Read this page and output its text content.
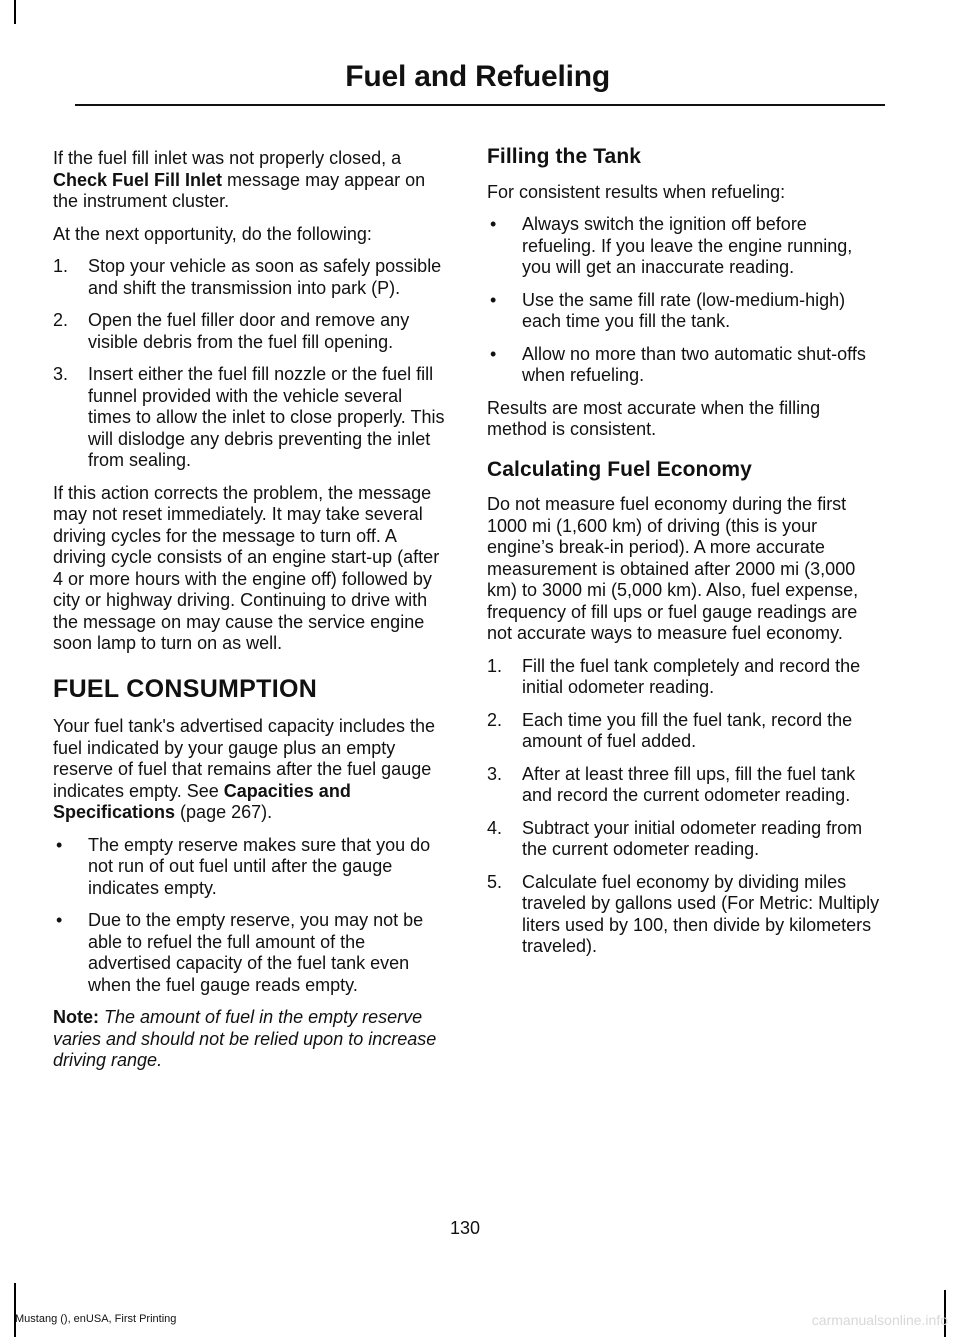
Fuel and Refueling

If the fuel fill inlet was not properly closed, a Check Fuel Fill Inlet message may appear on the instrument cluster.

At the next opportunity, do the following:

1. Stop your vehicle as soon as safely possible and shift the transmission into park (P).
2. Open the fuel filler door and remove any visible debris from the fuel fill opening.
3. Insert either the fuel fill nozzle or the fuel fill funnel provided with the vehicle several times to allow the inlet to close properly. This will dislodge any debris preventing the inlet from sealing.

If this action corrects the problem, the message may not reset immediately. It may take several driving cycles for the message to turn off. A driving cycle consists of an engine start-up (after 4 or more hours with the engine off) followed by city or highway driving. Continuing to drive with the message on may cause the service engine soon lamp to turn on as well.

FUEL CONSUMPTION

Your fuel tank's advertised capacity includes the fuel indicated by your gauge plus an empty reserve of fuel that remains after the fuel gauge indicates empty. See Capacities and Specifications (page 267).

• The empty reserve makes sure that you do not run of out fuel until after the gauge indicates empty.
• Due to the empty reserve, you may not be able to refuel the full amount of the advertised capacity of the fuel tank even when the fuel gauge reads empty.

Note: The amount of fuel in the empty reserve varies and should not be relied upon to increase driving range.

Filling the Tank

For consistent results when refueling:

• Always switch the ignition off before refueling. If you leave the engine running, you will get an inaccurate reading.
• Use the same fill rate (low-medium-high) each time you fill the tank.
• Allow no more than two automatic shut-offs when refueling.

Results are most accurate when the filling method is consistent.

Calculating Fuel Economy

Do not measure fuel economy during the first 1000 mi (1,600 km) of driving (this is your engine’s break-in period). A more accurate measurement is obtained after 2000 mi (3,000 km) to 3000 mi (5,000 km). Also, fuel expense, frequency of fill ups or fuel gauge readings are not accurate ways to measure fuel economy.

1. Fill the fuel tank completely and record the initial odometer reading.
2. Each time you fill the fuel tank, record the amount of fuel added.
3. After at least three fill ups, fill the fuel tank and record the current odometer reading.
4. Subtract your initial odometer reading from the current odometer reading.
5. Calculate fuel economy by dividing miles traveled by gallons used (For Metric: Multiply liters used by 100, then divide by kilometers traveled).
130
Mustang (), enUSA, First Printing	carmanualsonline.info
